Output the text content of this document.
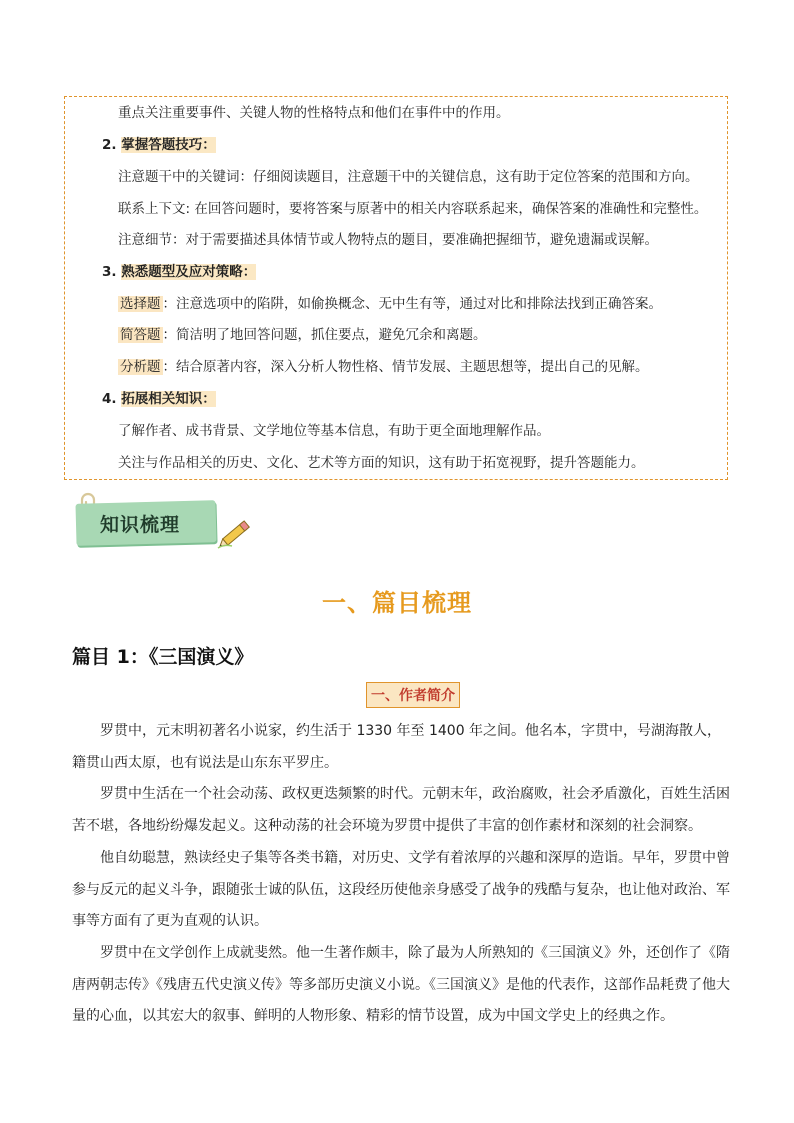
重点关注重要事件、关键人物的性格特点和他们在事件中的作用。
2. 掌握答题技巧：
注意题干中的关键词：仔细阅读题目，注意题干中的关键信息，这有助于定位答案的范围和方向。
联系上下文: 在回答问题时，要将答案与原著中的相关内容联系起来，确保答案的准确性和完整性。
注意细节：对于需要描述具体情节或人物特点的题目，要准确把握细节，避免遗漏或误解。
3. 熟悉题型及应对策略：
选择题 ：注意选项中的陷阱，如偷换概念、无中生有等，通过对比和排除法找到正确答案。
简答题 ：简洁明了地回答问题，抓住要点，避免冗余和离题。
分析题 ：结合原著内容，深入分析人物性格、情节发展、主题思想等，提出自己的见解。
4. 拓展相关知识：
了解作者、成书背景、文学地位等基本信息，有助于更全面地理解作品。
关注与作品相关的历史、文化、艺术等方面的知识，这有助于拓宽视野，提升答题能力。
知识梳理
一、篇目梳理
篇目 1：《三国演义》
一、作者简介

罗贯中，元末明初著名小说家，约生活于 1330 年至 1400 年之间。他名本，字贯中，号湖海散人，籍贯山西太原，也有说法是山东东平罗庄。

罗贯中生活在一个社会动荡、政权更迭频繁的时代。元朝末年，政治腐败，社会矛盾激化，百姓生活困苦不堪，各地纷纷爆发起义。这种动荡的社会环境为罗贯中提供了丰富的创作素材和深刻的社会洞察。

他自幼聪慧，熟读经史子集等各类书籍，对历史、文学有着浓厚的兴趣和深厚的造诣。早年，罗贯中曾参与反元的起义斗争，跟随张士诚的队伍，这段经历使他亲身感受了战争的残酷与复杂，也让他对政治、军事等方面有了更为直观的认识。

罗贯中在文学创作上成就斐然。他一生著作颇丰，除了最为人所熟知的《三国演义》外，还创作了《隋唐两朝志传》《残唐五代史演义传》等多部历史演义小说。《三国演义》是他的代表作，这部作品耗费了他大量的心血，以其宏大的叙事、鲜明的人物形象、精彩的情节设置，成为中国文学史上的经典之作。
